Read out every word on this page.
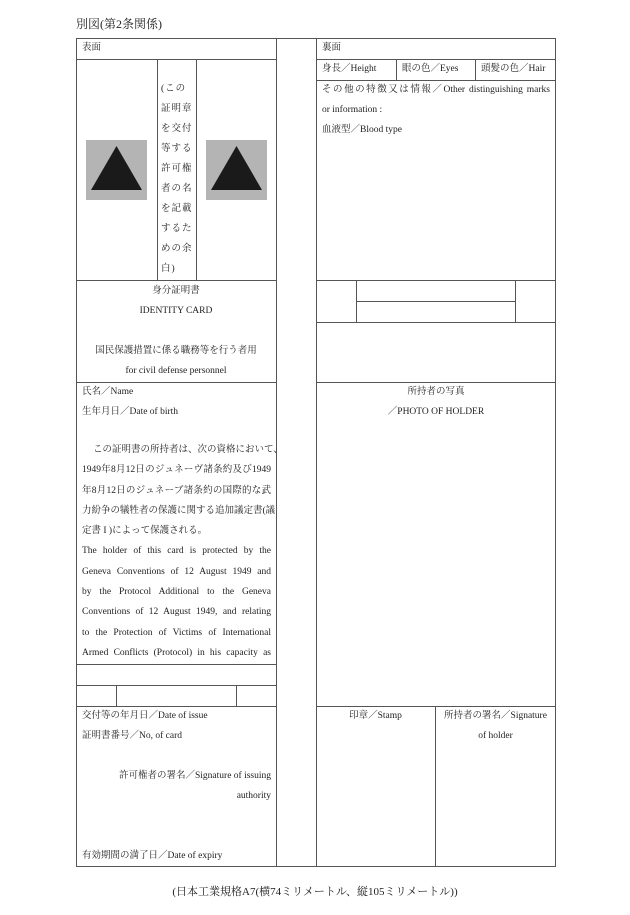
別図(第2条関係)
表面
(この
証明章
を交付
等する
許可権
者の名
を記載
するた
めの余
白)
身分証明書
IDENTITY CARD
国民保護措置に係る職務等を行う者用
for civil defense personnel
氏名／Name
生年月日／Date of birth
この証明書の所持者は、次の資格において、
1949年8月12日のジュネーヴ諸条約及び1949
年8月12日のジュネーブ諸条約の国際的な武
力紛争の犠牲者の保護に関する追加議定書(議
定書 I )によって保護される。
The holder of this card is protected by the
Geneva Conventions of 12 August 1949 and
by the Protocol Additional to the Geneva
Conventions of 12 August 1949, and relating
to the Protection of Victims of International
Armed Conflicts (Protocol) in his capacity as
交付等の年月日／Date of issue
証明書番号／No, of card
許可権者の署名／Signature of issuing
authority
有効期間の満了日／Date of expiry
裏面
身長／Height	眼の色／Eyes 頭髪の色／Hair
その他の特徴又は情報／Other distinguishing marks
or information :
血液型／Blood type
所持者の写真
／PHOTO OF HOLDER
印章／Stamp	所持者の署名／Signature
of holder
(日本工業規格A7(横74ミリメートル、縦105ミリメートル))
